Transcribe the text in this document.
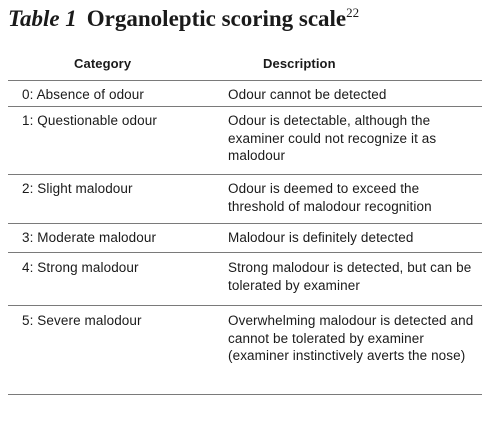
Table 1 Organoleptic scoring scale$^{22}$
Category	Description
0: Absence of odour	Odour cannot be detected
1: Questionable odour	Odour is detectable, although the examiner could not recognize it as malodour
2: Slight malodour	Odour is deemed to exceed the threshold of malodour recognition
3: Moderate malodour	Malodour is definitely detected
4: Strong malodour	Strong malodour is detected, but can be tolerated by examiner
5: Severe malodour	Overwhelming malodour is detected and cannot be tolerated by examiner (examiner instinctively averts the nose)
